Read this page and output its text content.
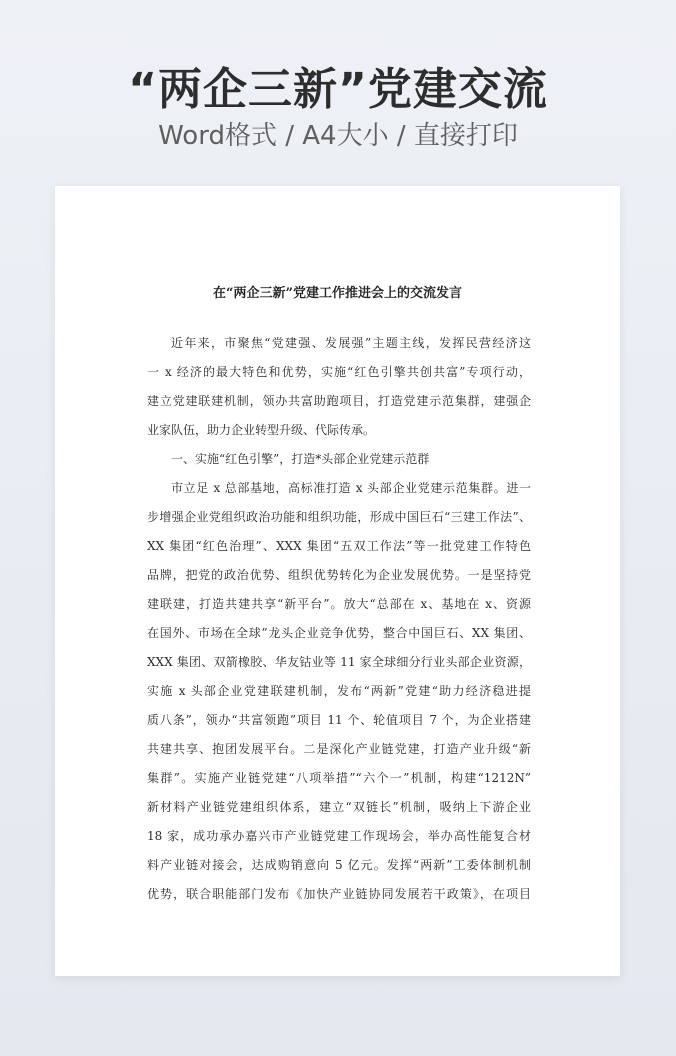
“两企三新”党建交流
Word格式 / A4大小 / 直接打印
在“两企三新”党建工作推进会上的交流发言
近年来，市聚焦“党建强、发展强”主题主线，发挥民营经济这
一 x 经济的最大特色和优势，实施“红色引擎共创共富”专项行动，
建立党建联建机制，领办共富助跑项目，打造党建示范集群，建强企
业家队伍，助力企业转型升级、代际传承。
一、实施“红色引擎”，打造*头部企业党建示范群
市立足 x 总部基地，高标准打造 x 头部企业党建示范集群。进一
步增强企业党组织政治功能和组织功能，形成中国巨石“三建工作法”、
XX 集团“红色治理”、XXX 集团“五双工作法”等一批党建工作特色
品牌，把党的政治优势、组织优势转化为企业发展优势。一是坚持党
建联建，打造共建共享“新平台”。放大“总部在 x、基地在 x、资源
在国外、市场在全球”龙头企业竞争优势，整合中国巨石、XX 集团、
XXX 集团、双箭橡胶、华友钴业等 11 家全球细分行业头部企业资源，
实施 x 头部企业党建联建机制，发布“两新”党建“助力经济稳进提
质八条”，领办“共富领跑”项目 11 个、轮值项目 7 个，为企业搭建
共建共享、抱团发展平台。二是深化产业链党建，打造产业升级“新
集群”。实施产业链党建“八项举措”“六个一”机制，构建“1212N”
新材料产业链党建组织体系，建立“双链长”机制，吸纳上下游企业
18 家，成功承办嘉兴市产业链党建工作现场会，举办高性能复合材
料产业链对接会，达成购销意向 5 亿元。发挥“两新”工委体制机制
优势，联合职能部门发布《加快产业链协同发展若干政策》，在项目
